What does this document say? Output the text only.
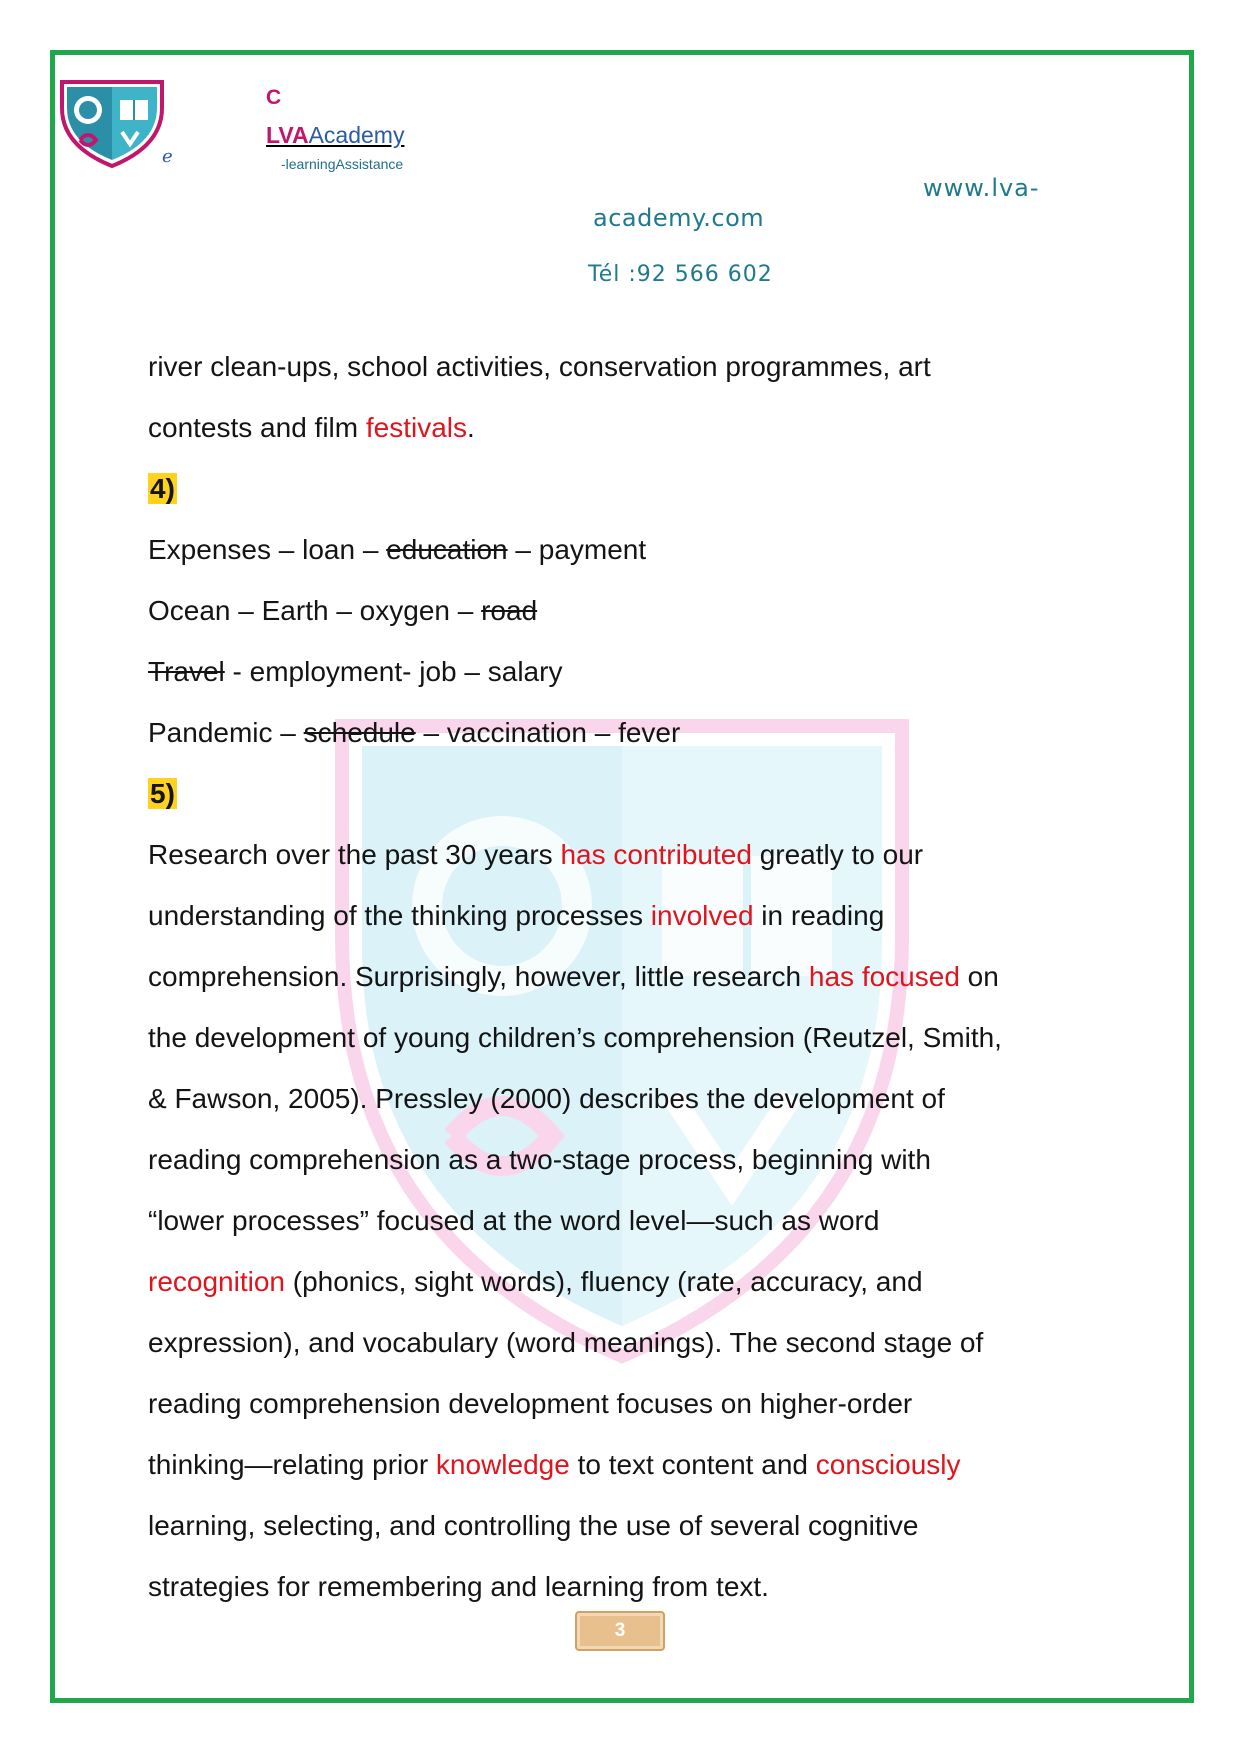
e
C
LVAAcademy
-learningAssistance
www.lva-
academy.com
Tél :92 566 602
river clean-ups, school activities, conservation programmes, art
contests and film festivals.
4)
Expenses – loan – education – payment
Ocean – Earth – oxygen – road
Travel - employment- job – salary
Pandemic – schedule – vaccination – fever
5)
Research over the past 30 years has contributed greatly to our
understanding of the thinking processes involved in reading
comprehension. Surprisingly, however, little research has focused on
the development of young children’s comprehension (Reutzel, Smith,
& Fawson, 2005). Pressley (2000) describes the development of
reading comprehension as a two-stage process, beginning with
“lower processes” focused at the word level—such as word
recognition (phonics, sight words), fluency (rate, accuracy, and
expression), and vocabulary (word meanings). The second stage of
reading comprehension development focuses on higher-order
thinking—relating prior knowledge to text content and consciously
learning, selecting, and controlling the use of several cognitive
strategies for remembering and learning from text.
3
